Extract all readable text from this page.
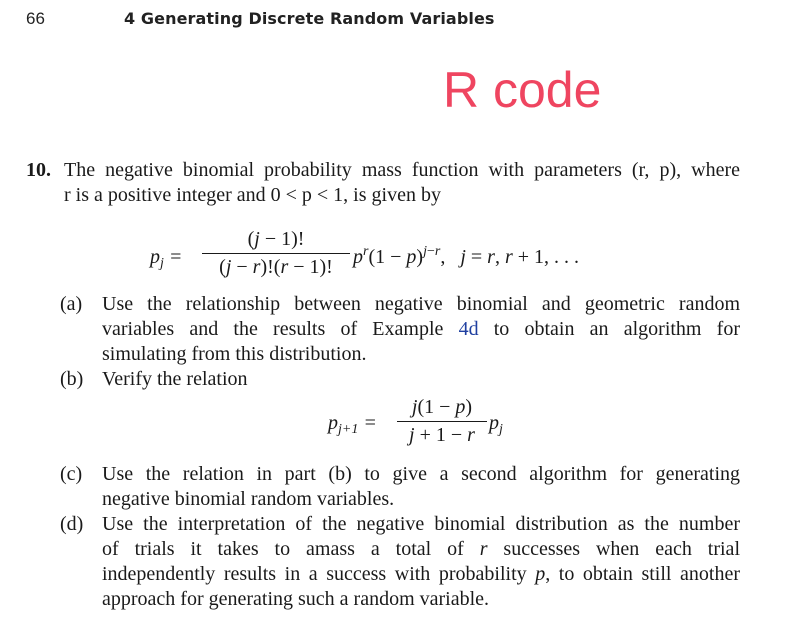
66	4 Generating Discrete Random Variables
R code
10. The negative binomial probability mass function with parameters (r, p), where
r is a positive integer and 0 < p < 1, is given by
$p_j$ =
(j − 1)!
(j − r)!(r − 1)!	$p^r(1 - p)^{j-r}$,   j = r, r + 1, . . .
(a) Use the relationship between negative binomial and geometric random
variables and the results of Example 4d to obtain an algorithm for
simulating from this distribution.
(b) Verify the relation
$p_{j+1}$ =
j(1 − p)
j + 1 − r
$p_j$
(c) Use the relation in part (b) to give a second algorithm for generating
negative binomial random variables.
(d) Use the interpretation of the negative binomial distribution as the number
of trials it takes to amass a total of r successes when each trial
independently results in a success with probability p, to obtain still another
approach for generating such a random variable.
